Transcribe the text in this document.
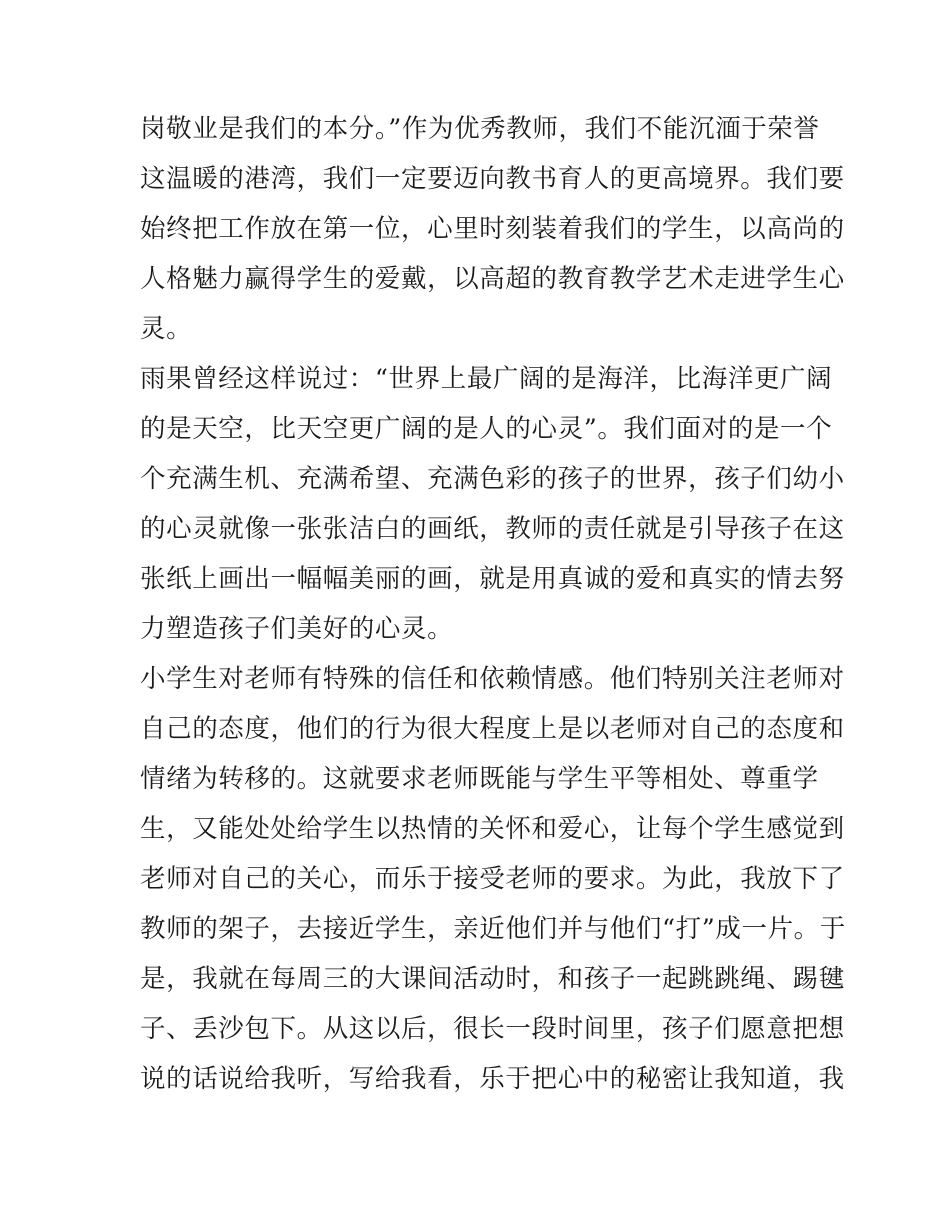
岗敬业是我们的本分。”作为优秀教师，我们不能沉湎于荣誉
这温暖的港湾，我们一定要迈向教书育人的更高境界。我们要
始终把工作放在第一位，心里时刻装着我们的学生，以高尚的
人格魅力赢得学生的爱戴，以高超的教育教学艺术走进学生心
灵。
雨果曾经这样说过：“世界上最广阔的是海洋，比海洋更广阔
的是天空，比天空更广阔的是人的心灵”。我们面对的是一个
个充满生机、充满希望、充满色彩的孩子的世界，孩子们幼小
的心灵就像一张张洁白的画纸，教师的责任就是引导孩子在这
张纸上画出一幅幅美丽的画，就是用真诚的爱和真实的情去努
力塑造孩子们美好的心灵。
小学生对老师有特殊的信任和依赖情感。他们特别关注老师对
自己的态度，他们的行为很大程度上是以老师对自己的态度和
情绪为转移的。这就要求老师既能与学生平等相处、尊重学
生，又能处处给学生以热情的关怀和爱心，让每个学生感觉到
老师对自己的关心，而乐于接受老师的要求。为此，我放下了
教师的架子，去接近学生，亲近他们并与他们“打”成一片。于
是，我就在每周三的大课间活动时，和孩子一起跳跳绳、踢毽
子、丢沙包下。从这以后，很长一段时间里，孩子们愿意把想
说的话说给我听，写给我看，乐于把心中的秘密让我知道，我
